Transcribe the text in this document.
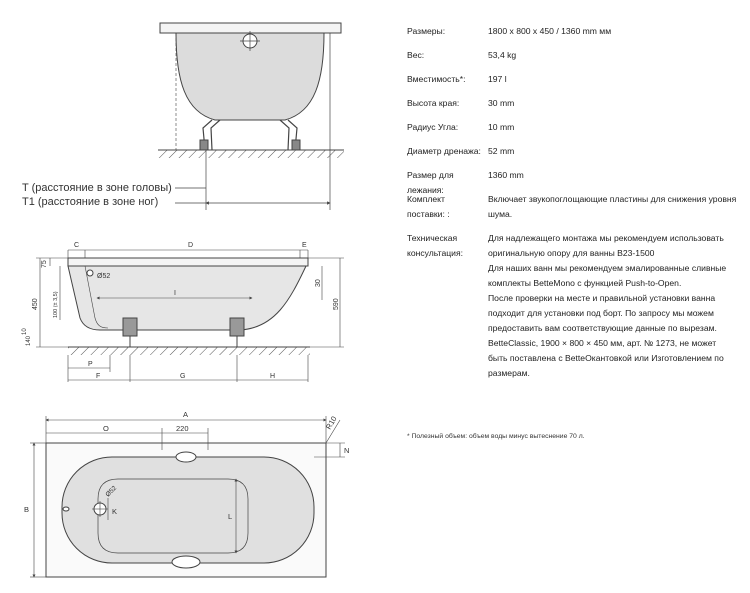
T (расстояние в зоне головы)
T1 (расстояние в зоне ног)
C	D	E
75
450	100 (± 3,5)
10
140
Ø52
I
30
590
P
F	G	H
A
O	220	R10
N
B
Ø52
K
L
Размеры:	1800 x 800 x 450 / 1360 mm мм

Вес:	53,4 kg

Вместимость*:	197 l

Высота края:	30 mm

Радиус Угла:	10 mm

Диаметр дренажа: 52 mm

Размер для лежания:

1360 mm

Комплект поставки: :

Включает звукопоглощающие пластины для снижения уровня шума.

Техническая консультация:

Для надлежащего монтажа мы рекомендуем использовать оригинальную опору для ванны B23-1500

Для наших ванн мы рекомендуем эмалированные сливные комплекты BetteMono с функцией Push-to-Open.

После проверки на месте и правильной установки ванна подходит для установки под борт. По запросу мы можем предоставить вам соответствующие данные по вырезам.

BetteClassic, 1900 × 800 × 450 мм, арт. № 1273, не может быть поставлена с BetteОкантовкой или Изготовлением по размерам.

* Полезный объем: объем воды минус вытеснение 70 л.
